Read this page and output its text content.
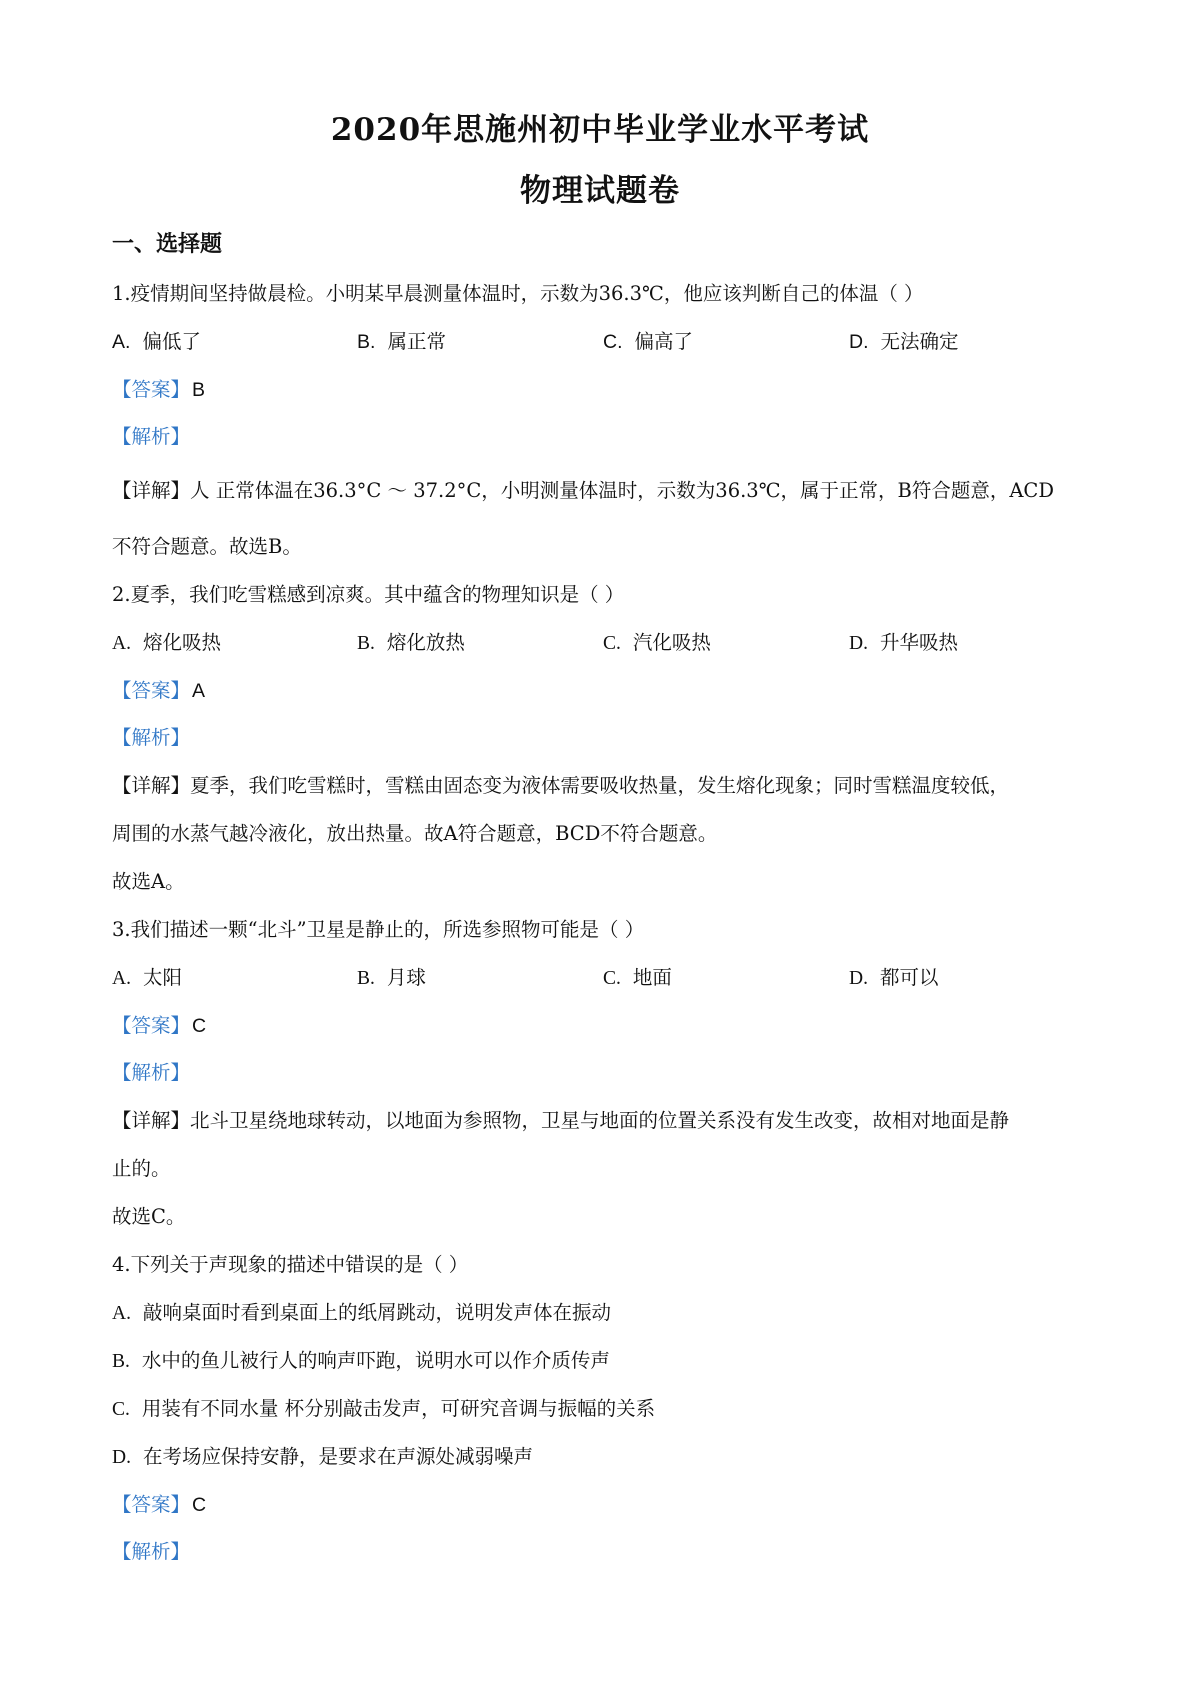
2020年思施州初中毕业学业水平考试
物理试题卷
一、选择题
1.疫情期间坚持做晨检。小明某早晨测量体温时，示数为36.3℃，他应该判断自己的体温（ ）
A. 偏低了	B. 属正常	C. 偏高了	D. 无法确定
【答案】 B
【解析】
【详解】人 正常体温在36.3°C ～ 37.2°C，小明测量体温时，示数为36.3℃，属于正常，B符合题意，ACD
不符合题意。故选B。
2.夏季，我们吃雪糕感到凉爽。其中蕴含的物理知识是（ ）
A. 熔化吸热	B. 熔化放热	C. 汽化吸热	D. 升华吸热
【答案】 A
【解析】
【详解】夏季，我们吃雪糕时，雪糕由固态变为液体需要吸收热量，发生熔化现象；同时雪糕温度较低，
周围的水蒸气越冷液化，放出热量。故A符合题意，BCD不符合题意。
故选A。
3.我们描述一颗“北斗”卫星是静止的，所选参照物可能是（ ）
A. 太阳	B. 月球	C. 地面	D. 都可以
【答案】 C
【解析】
【详解】北斗卫星绕地球转动，以地面为参照物，卫星与地面的位置关系没有发生改变，故相对地面是静
止的。
故选C。
4.下列关于声现象的描述中错误的是（ ）
A. 敲响桌面时看到桌面上的纸屑跳动，说明发声体在振动
B. 水中的鱼儿被行人的响声吓跑，说明水可以作介质传声
C. 用装有不同水量 杯分别敲击发声，可研究音调与振幅的关系
D. 在考场应保持安静，是要求在声源处减弱噪声
【答案】 C
【解析】
